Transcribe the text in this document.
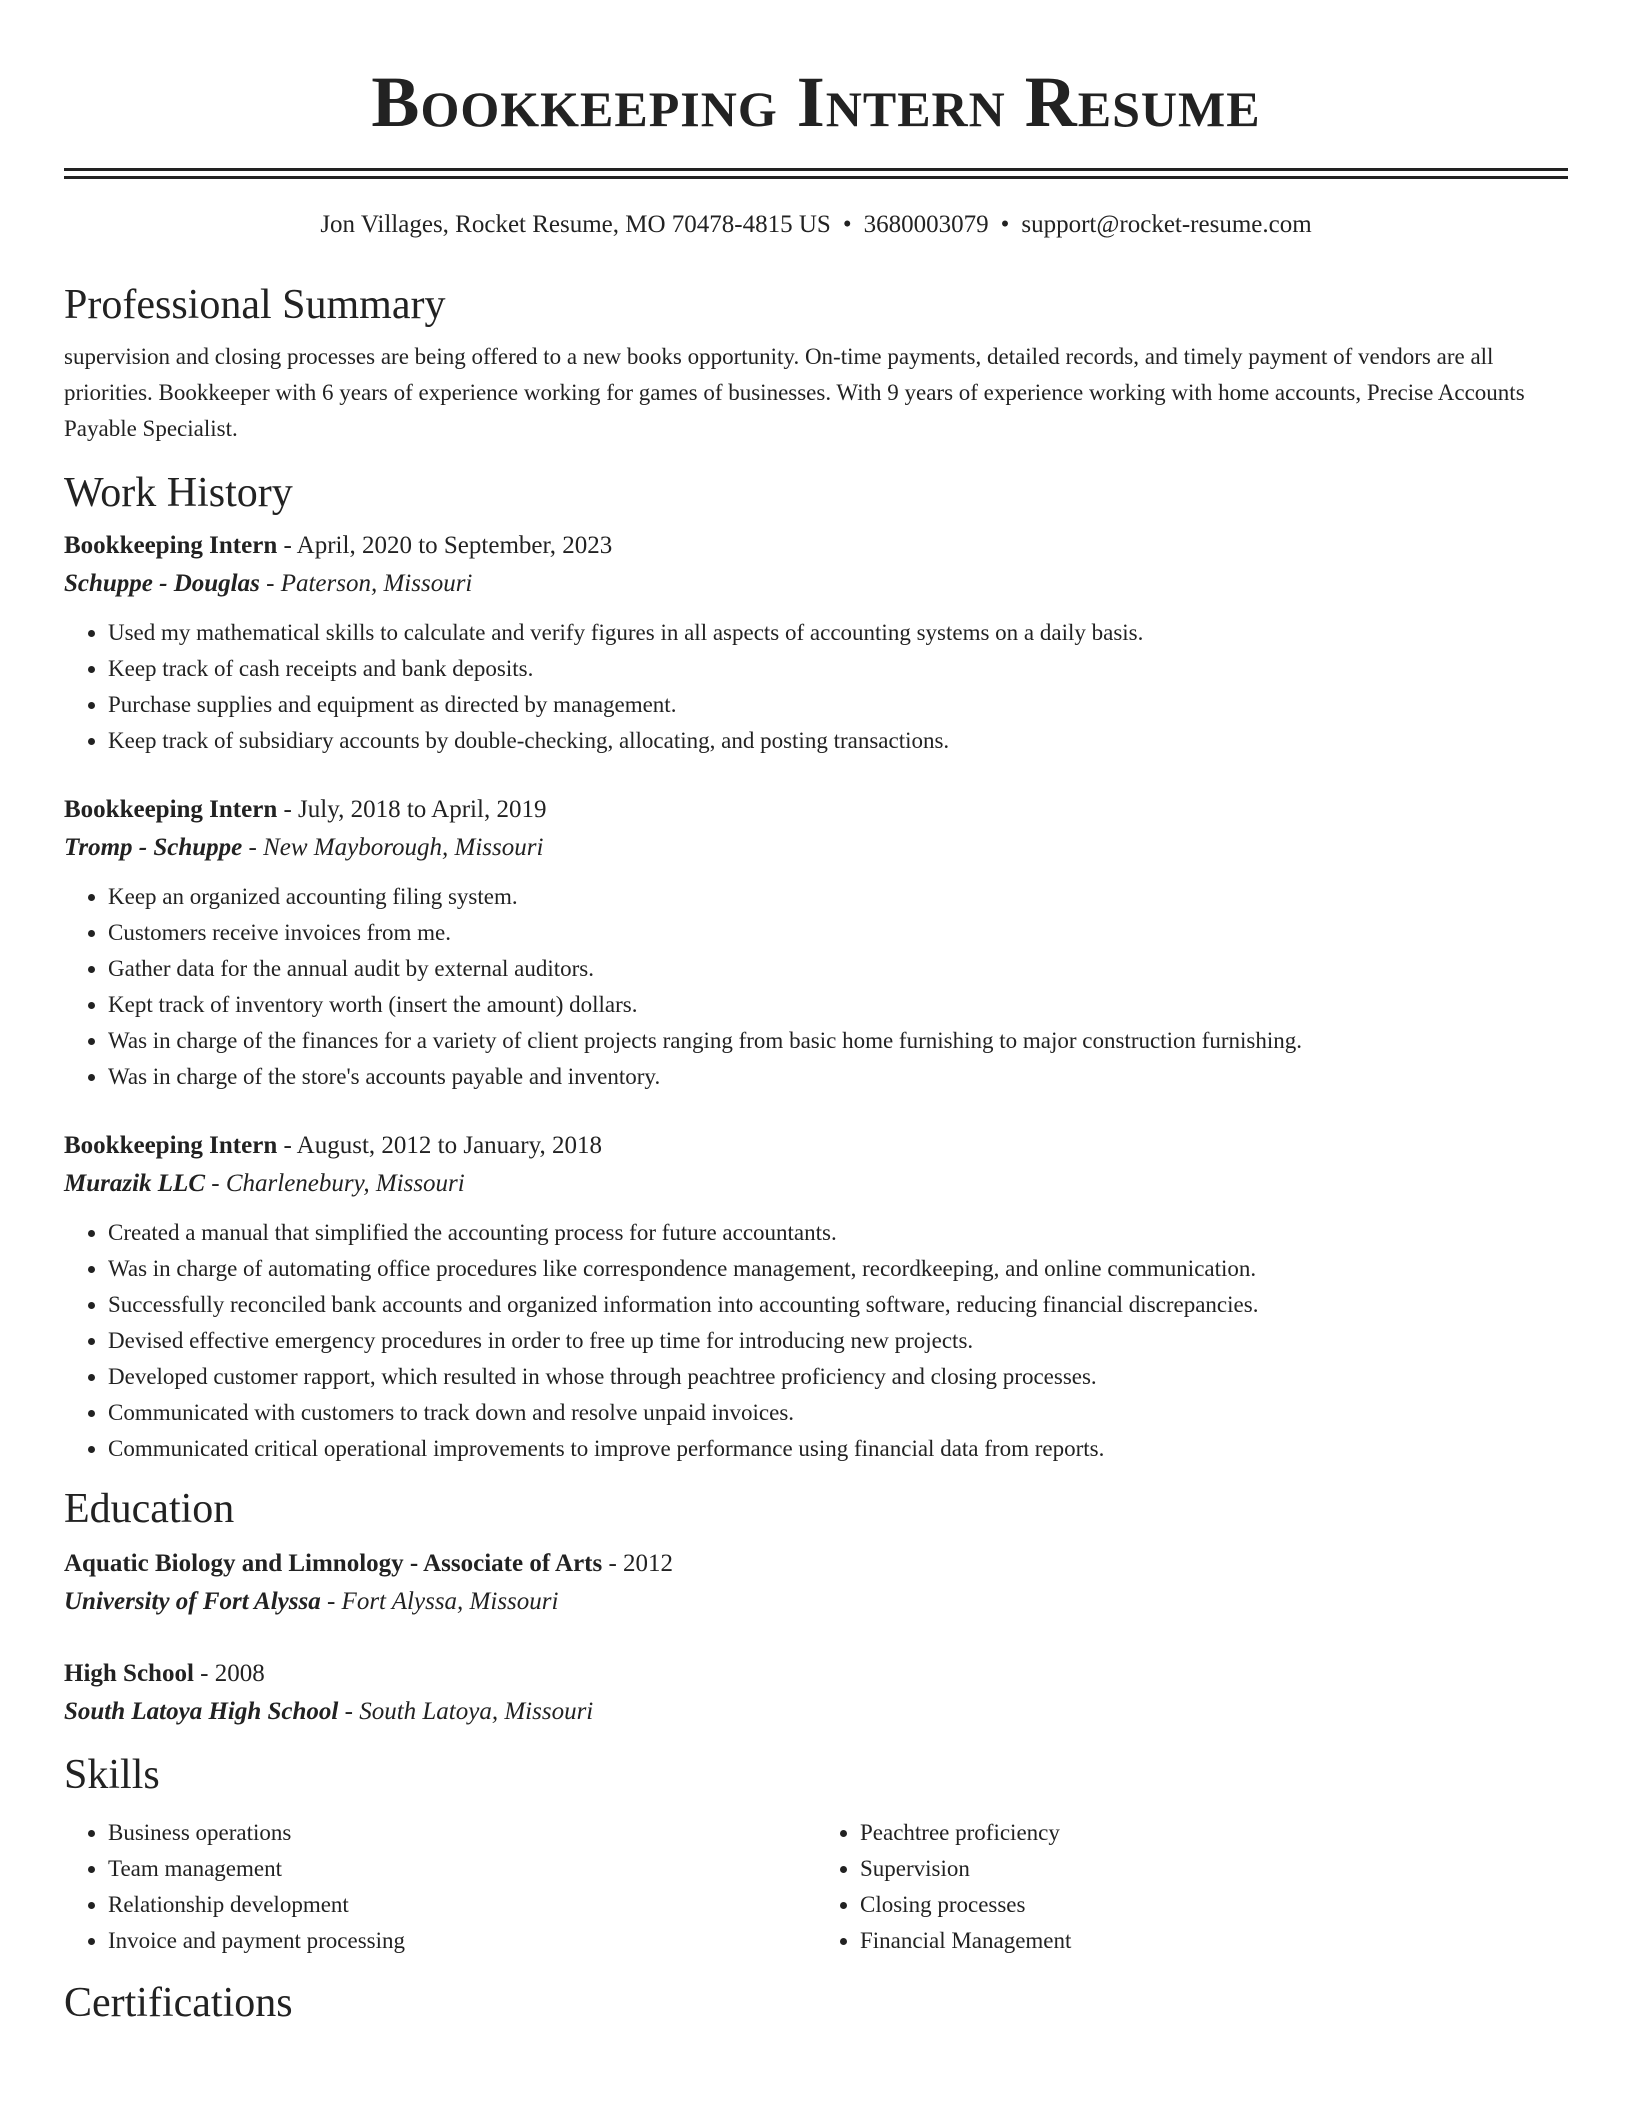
Bookkeeping Intern Resume
Jon Villages, Rocket Resume, MO 70478-4815 US • 3680003079 • support@rocket-resume.com
Professional Summary

supervision and closing processes are being offered to a new books opportunity. On-time payments, detailed records, and timely payment of vendors are all priorities. Bookkeeper with 6 years of experience working for games of businesses. With 9 years of experience working with home accounts, Precise Accounts Payable Specialist.

Work History
Bookkeeping Intern - April, 2020 to September, 2023
Schuppe - Douglas - Paterson, Missouri
• Used my mathematical skills to calculate and verify figures in all aspects of accounting systems on a daily basis.
• Keep track of cash receipts and bank deposits.
• Purchase supplies and equipment as directed by management.
• Keep track of subsidiary accounts by double-checking, allocating, and posting transactions.
Bookkeeping Intern - July, 2018 to April, 2019
Tromp - Schuppe - New Mayborough, Missouri
• Keep an organized accounting filing system.
• Customers receive invoices from me.
• Gather data for the annual audit by external auditors.
• Kept track of inventory worth (insert the amount) dollars.
• Was in charge of the finances for a variety of client projects ranging from basic home furnishing to major construction furnishing.
• Was in charge of the store's accounts payable and inventory.
Bookkeeping Intern - August, 2012 to January, 2018
Murazik LLC - Charlenebury, Missouri
• Created a manual that simplified the accounting process for future accountants.
• Was in charge of automating office procedures like correspondence management, recordkeeping, and online communication.
• Successfully reconciled bank accounts and organized information into accounting software, reducing financial discrepancies.
• Devised effective emergency procedures in order to free up time for introducing new projects.
• Developed customer rapport, which resulted in whose through peachtree proficiency and closing processes.
• Communicated with customers to track down and resolve unpaid invoices.
• Communicated critical operational improvements to improve performance using financial data from reports.
Education
Aquatic Biology and Limnology - Associate of Arts - 2012
University of Fort Alyssa - Fort Alyssa, Missouri
High School - 2008
South Latoya High School - South Latoya, Missouri
Skills
• Business operations
• Team management
• Relationship development
• Invoice and payment processing
• Peachtree proficiency
• Supervision
• Closing processes
• Financial Management
Certifications
